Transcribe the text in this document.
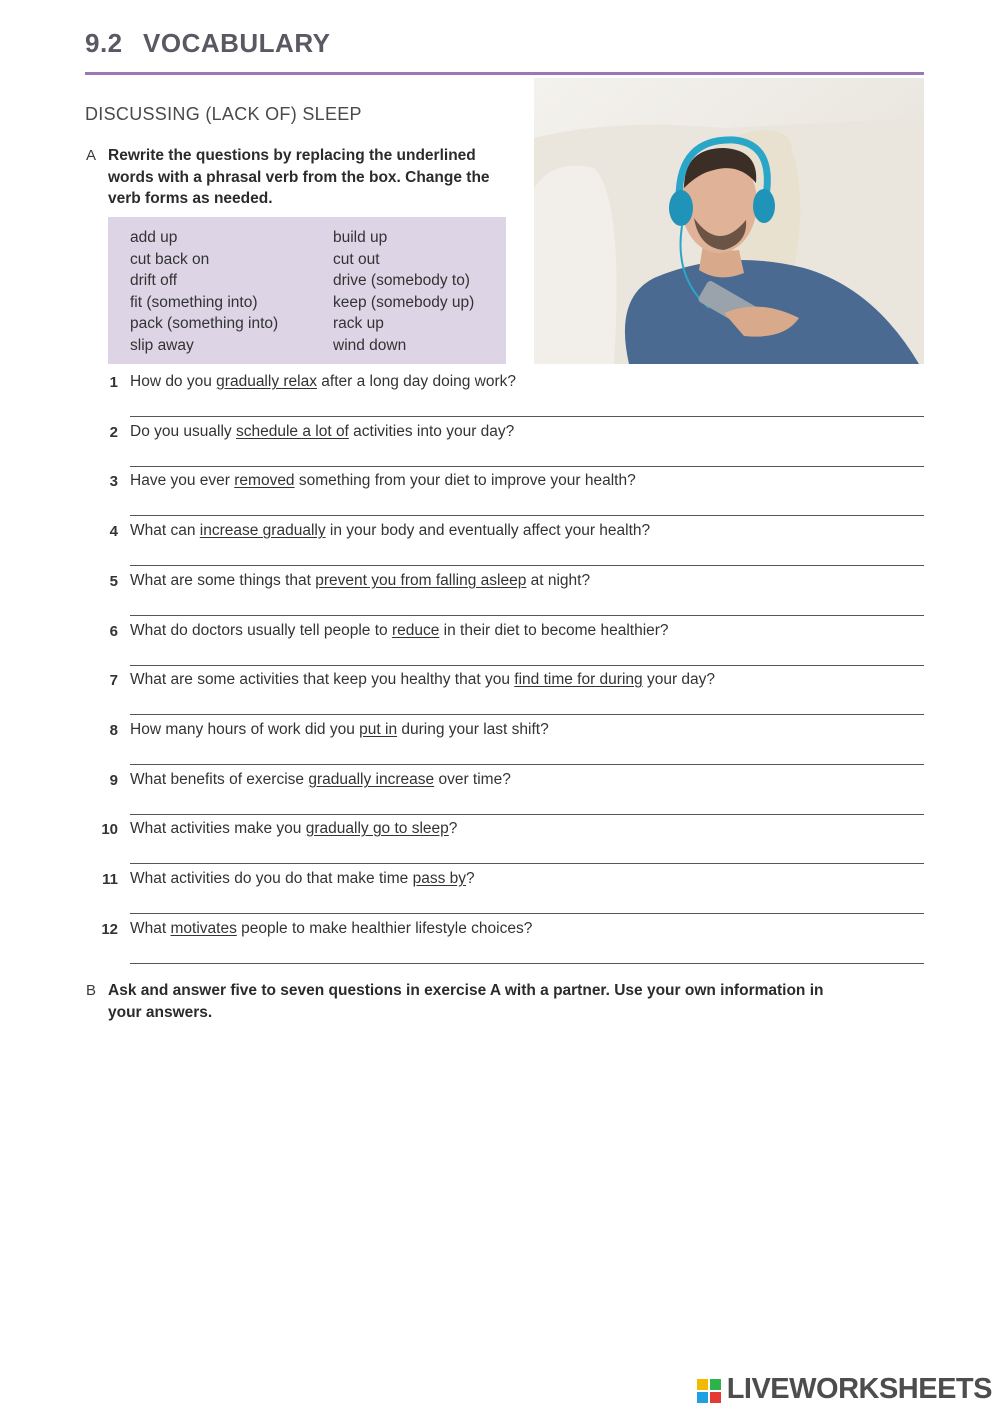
9.2 VOCABULARY
DISCUSSING (LACK OF) SLEEP
A Rewrite the questions by replacing the underlined
words with a phrasal verb from the box. Change the
verb forms as needed.
add up
cut back on
drift off
fit (something into)
pack (something into)
slip away
build up
cut out
drive (somebody to)
keep (somebody up)
rack up
wind down
1 How do you gradually relax after a long day doing work?
2 Do you usually schedule a lot of activities into your day?
3 Have you ever removed something from your diet to improve your health?
4 What can increase gradually in your body and eventually affect your health?
5 What are some things that prevent you from falling asleep at night?
6 What do doctors usually tell people to reduce in their diet to become healthier?
7 What are some activities that keep you healthy that you find time for during your day?
8 How many hours of work did you put in during your last shift?
9 What benefits of exercise gradually increase over time?
10 What activities make you gradually go to sleep?
11 What activities do you do that make time pass by?
12 What motivates people to make healthier lifestyle choices?
B Ask and answer five to seven questions in exercise A with a partner. Use your own information in
your answers.
LIVEWORKSHEETS
